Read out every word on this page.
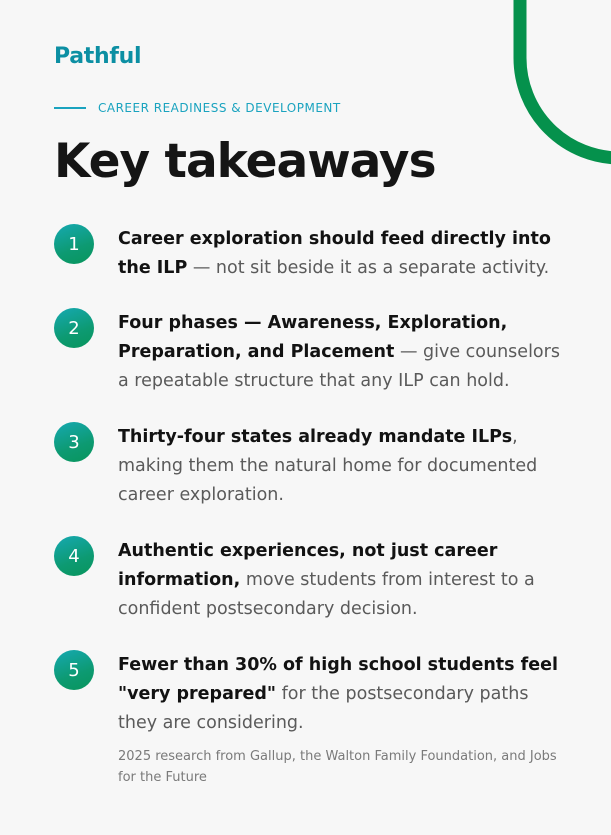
Pathful
CAREER READINESS & DEVELOPMENT
Key takeaways
1	Career exploration should feed directly into the ILP — not sit beside it as a separate activity.
2	Four phases — Awareness, Exploration, Preparation, and Placement — give counselors a repeatable structure that any ILP can hold.
3	Thirty-four states already mandate ILPs, making them the natural home for documented career exploration.
4	Authentic experiences, not just career information, move students from interest to a confident postsecondary decision.
5	Fewer than 30% of high school students feel "very prepared" for the postsecondary paths they are considering.
2025 research from Gallup, the Walton Family Foundation, and Jobs for the Future
